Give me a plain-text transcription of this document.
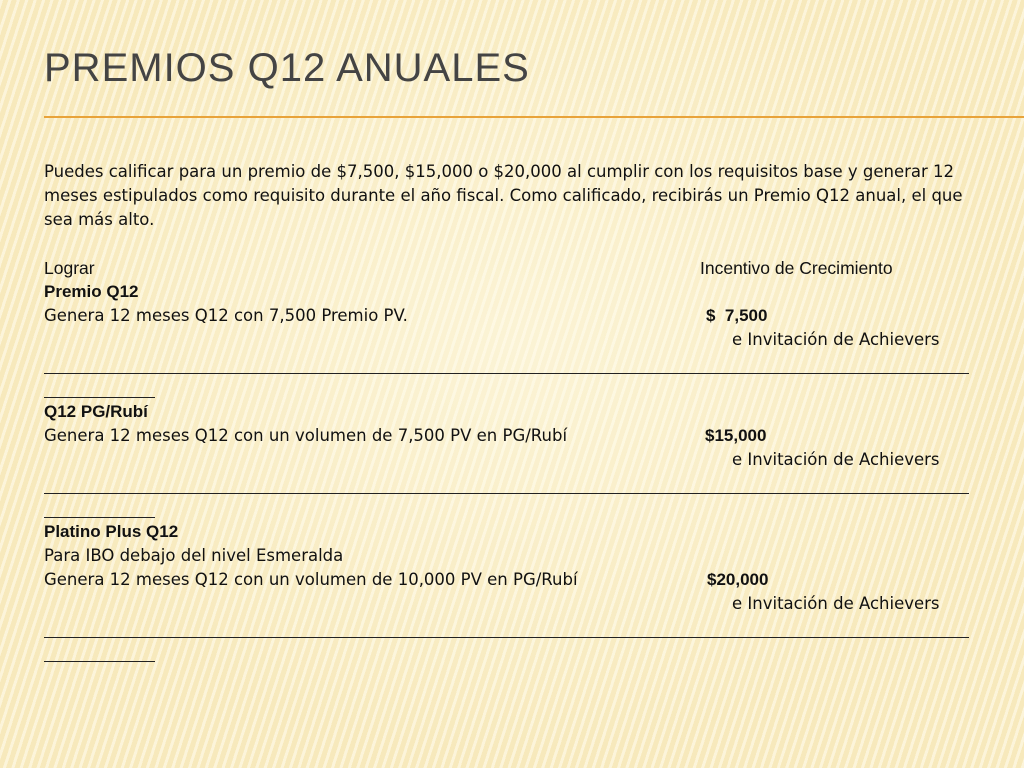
PREMIOS Q12 ANUALES

Puedes calificar para un premio de $7,500, $15,000 o $20,000 al cumplir con los requisitos base y generar 12 meses estipulados como requisito durante el año fiscal. Como calificado, recibirás un Premio Q12 anual, el que sea más alto.

Lograr	Incentivo de Crecimiento
Premio Q12
Genera 12 meses Q12 con 7,500 Premio PV.	$  7,500
e Invitación de Achievers
Q12 PG/Rubí
Genera 12 meses Q12 con un volumen de 7,500 PV en PG/Rubí	$15,000
e Invitación de Achievers
Platino Plus Q12
Para IBO debajo del nivel Esmeralda
Genera 12 meses Q12 con un volumen de 10,000 PV en PG/Rubí	$20,000
e Invitación de Achievers
